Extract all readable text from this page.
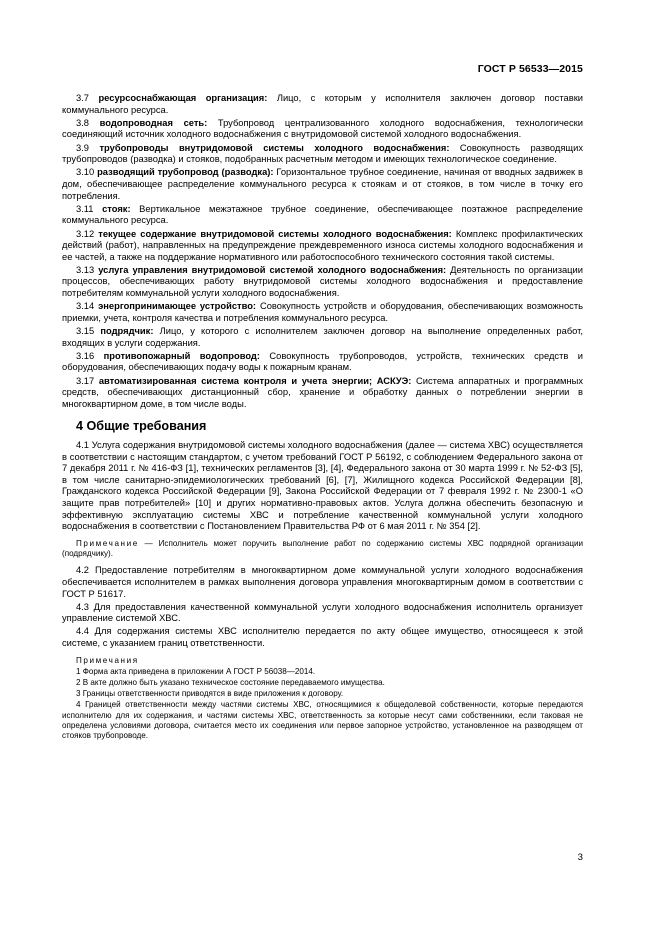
ГОСТ Р 56533—2015

3.7 ресурсоснабжающая организация: Лицо, с которым у исполнителя заключен договор поставки коммунального ресурса.

3.8 водопроводная сеть: Трубопровод централизованного холодного водоснабжения, технологически соединяющий источник холодного водоснабжения с внутридомовой системой холодного водоснабжения.

3.9 трубопроводы внутридомовой системы холодного водоснабжения: Совокупность разводящих трубопроводов (разводка) и стояков, подобранных расчетным методом и имеющих технологическое соединение.

3.10 разводящий трубопровод (разводка): Горизонтальное трубное соединение, начиная от вводных задвижек в дом, обеспечивающее распределение коммунального ресурса к стоякам и от стояков, в том числе в точку его потребления.

3.11 стояк: Вертикальное межэтажное трубное соединение, обеспечивающее поэтажное распределение коммунального ресурса.

3.12 текущее содержание внутридомовой системы холодного водоснабжения: Комплекс профилактических действий (работ), направленных на предупреждение преждевременного износа системы холодного водоснабжения и ее частей, а также на поддержание нормативного или работоспособного технического состояния такой системы.

3.13 услуга управления внутридомовой системой холодного водоснабжения: Деятельность по организации процессов, обеспечивающих работу внутридомовой системы холодного водоснабжения и предоставление потребителям коммунальной услуги холодного водоснабжения.

3.14 энергопринимающее устройство: Совокупность устройств и оборудования, обеспечивающих возможность приемки, учета, контроля качества и потребления коммунального ресурса.

3.15 подрядчик: Лицо, у которого с исполнителем заключен договор на выполнение определенных работ, входящих в услуги содержания.

3.16 противопожарный водопровод: Совокупность трубопроводов, устройств, технических средств и оборудования, обеспечивающих подачу воды к пожарным кранам.

3.17 автоматизированная система контроля и учета энергии; АСКУЭ: Система аппаратных и программных средств, обеспечивающих дистанционный сбор, хранение и обработку данных о потреблении энергии в многоквартирном доме, в том числе воды.

4 Общие требования

4.1 Услуга содержания внутридомовой системы холодного водоснабжения (далее — система ХВС) осуществляется в соответствии с настоящим стандартом, с учетом требований ГОСТ Р 56192, с соблюдением Федерального закона от 7 декабря 2011 г. № 416-ФЗ [1], технических регламентов [3], [4], Федерального закона от 30 марта 1999 г. № 52-ФЗ [5], в том числе санитарно-эпидемиологических требований [6], [7], Жилищного кодекса Российской Федерации [8], Гражданского кодекса Российской Федерации [9], Закона Российской Федерации от 7 февраля 1992 г. № 2300-1 «О защите прав потребителей» [10] и других нормативно-правовых актов. Услуга должна обеспечить безопасную и эффективную эксплуатацию системы ХВС и потребление качественной коммунальной услуги холодного водоснабжения в соответствии с Постановлением Правительства РФ от 6 мая 2011 г. № 354 [2].

Примечание — Исполнитель может поручить выполнение работ по содержанию системы ХВС подрядной организации (подрядчику).

4.2 Предоставление потребителям в многоквартирном доме коммунальной услуги холодного водоснабжения обеспечивается исполнителем в рамках выполнения договора управления многоквартирным домом в соответствии с ГОСТ Р 51617.

4.3 Для предоставления качественной коммунальной услуги холодного водоснабжения исполнитель организует управление системой ХВС.

4.4 Для содержания системы ХВС исполнителю передается по акту общее имущество, относящееся к этой системе, с указанием границ ответственности.

Примечания

1 Форма акта приведена в приложении А ГОСТ Р 56038—2014.

2 В акте должно быть указано техническое состояние передаваемого имущества.

3 Границы ответственности приводятся в виде приложения к договору.

4 Границей ответственности между частями системы ХВС, относящимися к общедолевой собственности, которые передаются исполнителю для их содержания, и частями системы ХВС, ответственность за которые несут сами собственники, если таковая не определена условиями договора, считается место их соединения или первое запорное устройство, установленное на разводящем от стояков трубопроводе.

3
